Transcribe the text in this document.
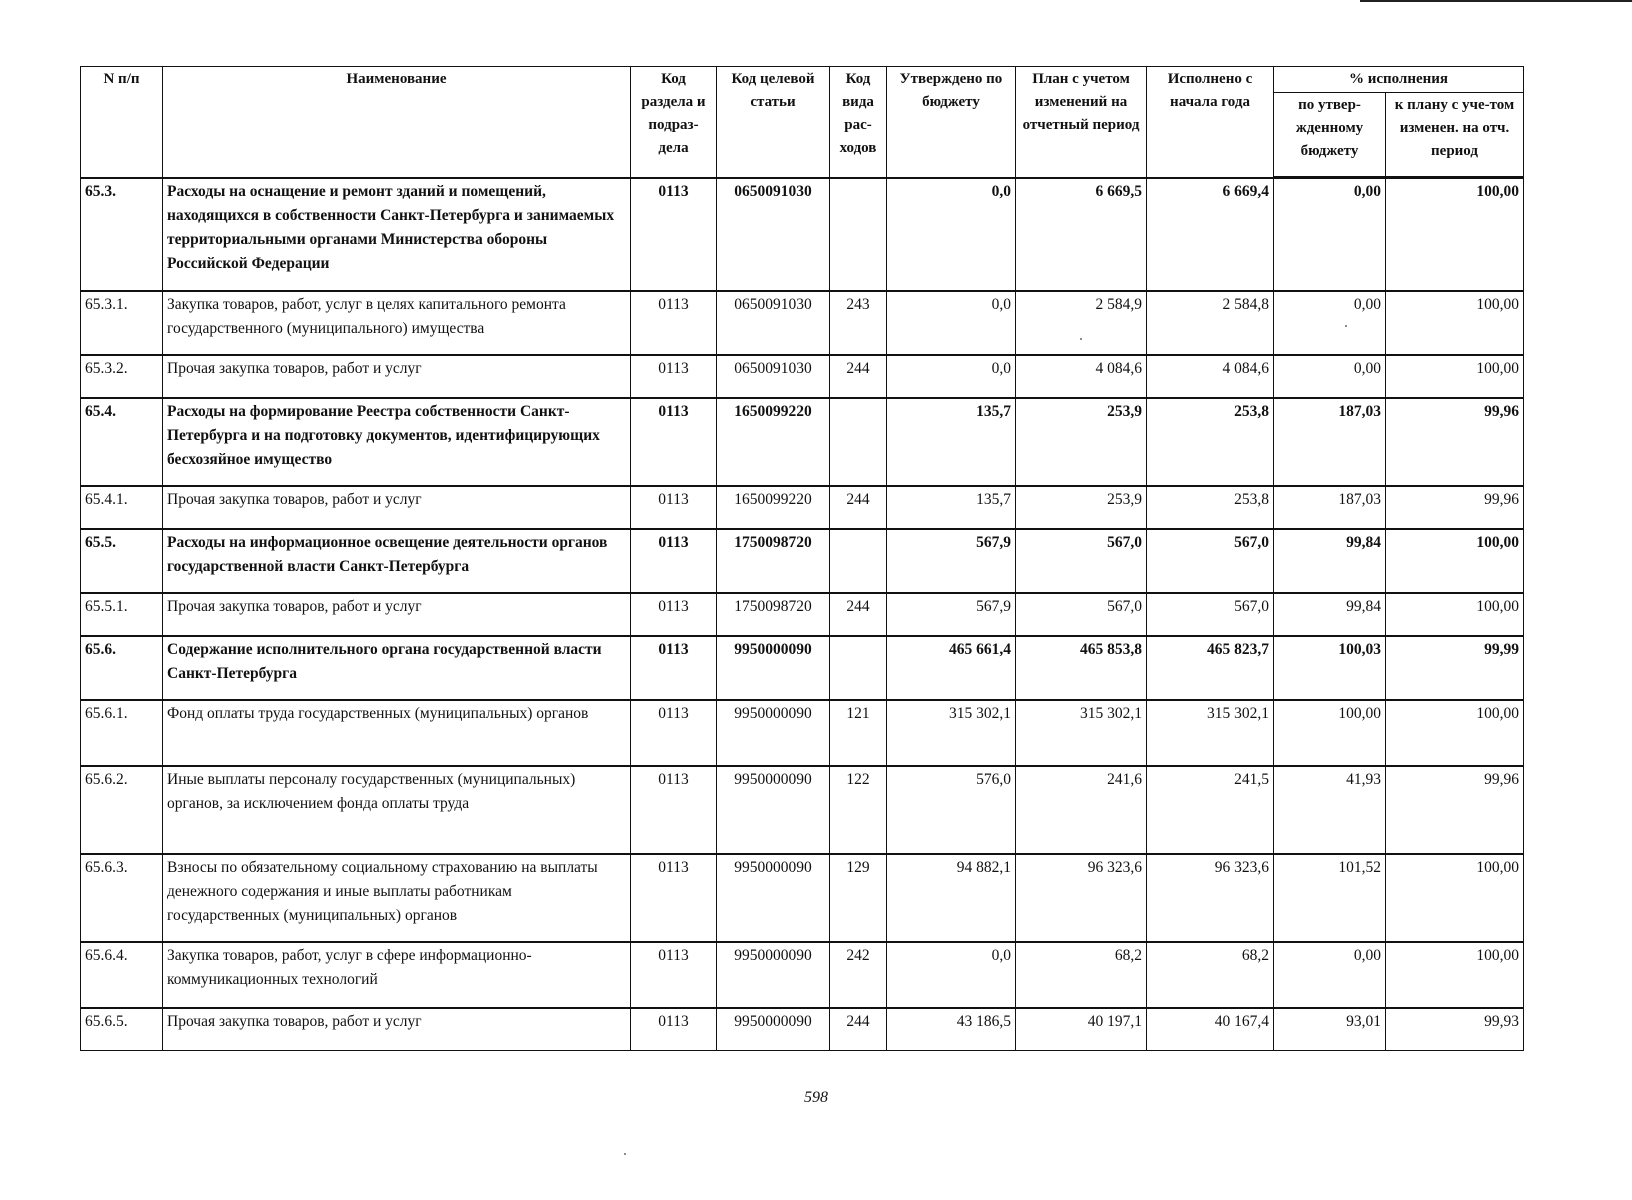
N п/п	Наименование	Код раздела и подраз-дела	Код целевой статьи	Код вида рас-ходов	Утверждено по бюджету	План с учетом изменений на отчетный период	Исполнено с начала года	% исполнения	
								по утвер-жденному бюджету	к плану с уче-том изменен. на отч. период
65.3.	Расходы на оснащение и ремонт зданий и помещений, находящихся в собственности Санкт-Петербурга и занимаемых территориальными органами Министерства обороны Российской Федерации	0113	0650091030		0,0	6 669,5	6 669,4	0,00	100,00
65.3.1.	Закупка товаров, работ, услуг в целях капитального ремонта государственного (муниципального) имущества	0113	0650091030	243	0,0	2 584,9	2 584,8	0,00	100,00
65.3.2.	Прочая закупка товаров, работ и услуг	0113	0650091030	244	0,0	4 084,6	4 084,6	0,00	100,00
65.4.	Расходы на формирование Реестра собственности Санкт-Петербурга и на подготовку документов, идентифицирующих бесхозяйное имущество	0113	1650099220		135,7	253,9	253,8	187,03	99,96
65.4.1.	Прочая закупка товаров, работ и услуг	0113	1650099220	244	135,7	253,9	253,8	187,03	99,96
65.5.	Расходы на информационное освещение деятельности органов государственной власти Санкт-Петербурга	0113	1750098720		567,9	567,0	567,0	99,84	100,00
65.5.1.	Прочая закупка товаров, работ и услуг	0113	1750098720	244	567,9	567,0	567,0	99,84	100,00
65.6.	Содержание исполнительного органа государственной власти Санкт-Петербурга	0113	9950000090		465 661,4	465 853,8	465 823,7	100,03	99,99
65.6.1.	Фонд оплаты труда государственных (муниципальных) органов	0113	9950000090	121	315 302,1	315 302,1	315 302,1	100,00	100,00
65.6.2.	Иные выплаты персоналу государственных (муниципальных) органов, за исключением фонда оплаты труда	0113	9950000090	122	576,0	241,6	241,5	41,93	99,96
65.6.3.	Взносы по обязательному социальному страхованию на выплаты денежного содержания и иные выплаты работникам государственных (муниципальных) органов	0113	9950000090	129	94 882,1	96 323,6	96 323,6	101,52	100,00
65.6.4.	Закупка товаров, работ, услуг в сфере информационно-коммуникационных технологий	0113	9950000090	242	0,0	68,2	68,2	0,00	100,00
65.6.5.	Прочая закупка товаров, работ и услуг	0113	9950000090	244	43 186,5	40 197,1	40 167,4	93,01	99,93
598
